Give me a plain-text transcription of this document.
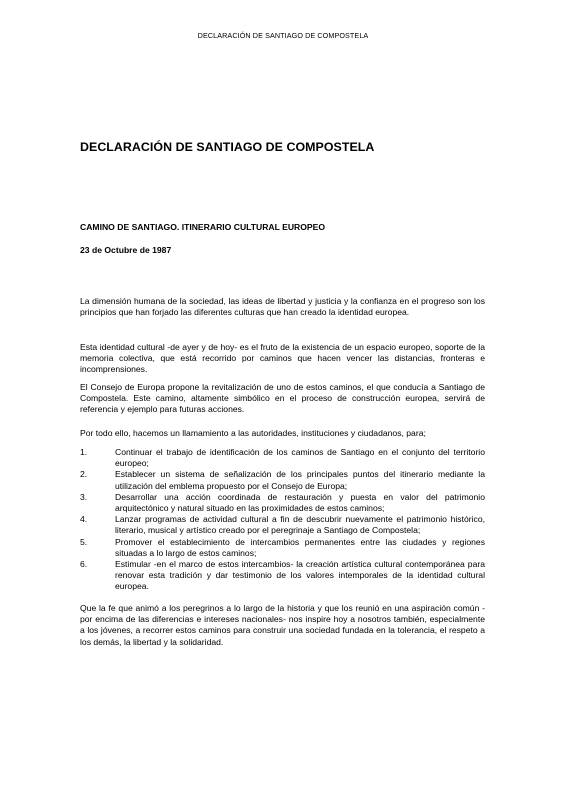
DECLARACIÓN DE SANTIAGO DE COMPOSTELA
DECLARACIÓN DE SANTIAGO DE COMPOSTELA

CAMINO DE SANTIAGO. ITINERARIO CULTURAL EUROPEO

23 de Octubre de 1987

La dimensión humana de la sociedad, las ideas de libertad y justicia y la confianza en el progreso son los principios que han forjado las diferentes culturas que han creado la identidad europea.

Esta identidad cultural -de ayer y de hoy- es el fruto de la existencia de un espacio europeo, soporte de la memoria colectiva, que está recorrido por caminos que hacen vencer las distancias, fronteras e incomprensiones.

El Consejo de Europa propone la revitalización de uno de estos caminos, el que conducía a Santiago de Compostela. Este camino, altamente simbólico en el proceso de construcción europea, servirá de referencia y ejemplo para futuras acciones.

Por todo ello, hacemos un llamamiento a las autoridades, instituciones y ciudadanos, para;

1.	Continuar el trabajo de identificación de los caminos de Santiago en el conjunto del territorio europeo;
2.	Establecer un sistema de señalización de los principales puntos del itinerario mediante la utilización del emblema propuesto por el Consejo de Europa;
3.	Desarrollar una acción coordinada de restauración y puesta en valor del patrimonio arquitectónico y natural situado en las proximidades de estos caminos;
4.	Lanzar programas de actividad cultural a fin de descubrir nuevamente el patrimonio histórico, literario, musical y artístico creado por el peregrinaje a Santiago de Compostela;
5.	Promover el establecimiento de intercambios permanentes entre las ciudades y regiones situadas a lo largo de estos caminos;
6.	Estimular -en el marco de estos intercambios- la creación artística cultural contemporánea para renovar esta tradición y dar testimonio de los valores intemporales de la identidad cultural europea.

Que la fe que animó a los peregrinos a lo largo de la historia y que los reunió en una aspiración común -por encima de las diferencias e intereses nacionales- nos inspire hoy a nosotros también, especialmente a los jóvenes, a recorrer estos caminos para construir una sociedad fundada en la tolerancia, el respeto a los demás, la libertad y la solidaridad.
